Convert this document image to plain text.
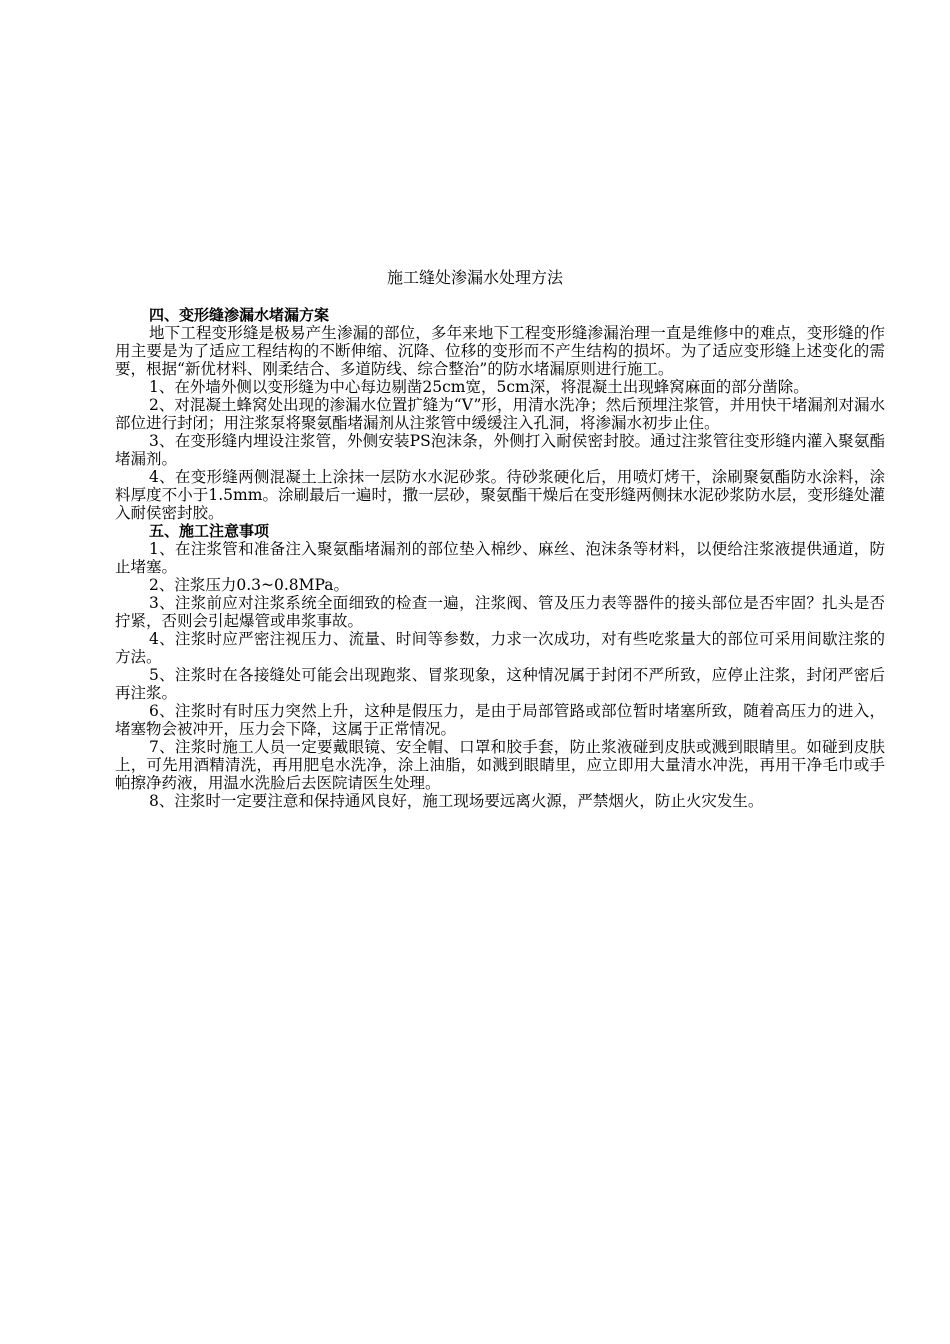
施工缝处渗漏水处理方法

四、变形缝渗漏水堵漏方案

地下工程变形缝是极易产生渗漏的部位，多年来地下工程变形缝渗漏治理一直是维修中的难点，变形缝的作用主要是为了适应工程结构的不断伸缩、沉降、位移的变形而不产生结构的损坏。为了适应变形缝上述变化的需要，根据“新优材料、刚柔结合、多道防线、综合整治”的防水堵漏原则进行施工。

1、在外墙外侧以变形缝为中心每边剔凿25cm宽，5cm深，将混凝土出现蜂窝麻面的部分凿除。

2、对混凝土蜂窝处出现的渗漏水位置扩缝为“V”形，用清水洗净；然后预埋注浆管，并用快干堵漏剂对漏水部位进行封闭；用注浆泵将聚氨酯堵漏剂从注浆管中缓缓注入孔洞，将渗漏水初步止住。

3、在变形缝内埋设注浆管，外侧安装PS泡沫条，外侧打入耐侯密封胶。通过注浆管往变形缝内灌入聚氨酯堵漏剂。

4、在变形缝两侧混凝土上涂抹一层防水水泥砂浆。待砂浆硬化后，用喷灯烤干，涂刷聚氨酯防水涂料，涂料厚度不小于1.5mm。涂刷最后一遍时，撒一层砂，聚氨酯干燥后在变形缝两侧抹水泥砂浆防水层，变形缝处灌入耐侯密封胶。

五、施工注意事项

1、在注浆管和准备注入聚氨酯堵漏剂的部位垫入棉纱、麻丝、泡沫条等材料，以便给注浆液提供通道，防止堵塞。

2、注浆压力0.3~0.8MPa。

3、注浆前应对注浆系统全面细致的检查一遍，注浆阀、管及压力表等器件的接头部位是否牢固？扎头是否拧紧，否则会引起爆管或串浆事故。

4、注浆时应严密注视压力、流量、时间等参数，力求一次成功，对有些吃浆量大的部位可采用间歇注浆的方法。

5、注浆时在各接缝处可能会出现跑浆、冒浆现象，这种情况属于封闭不严所致，应停止注浆，封闭严密后再注浆。

6、注浆时有时压力突然上升，这种是假压力，是由于局部管路或部位暂时堵塞所致，随着高压力的进入，堵塞物会被冲开，压力会下降，这属于正常情况。

7、注浆时施工人员一定要戴眼镜、安全帽、口罩和胶手套，防止浆液碰到皮肤或溅到眼睛里。如碰到皮肤上，可先用酒精清洗，再用肥皂水洗净，涂上油脂，如溅到眼睛里，应立即用大量清水冲洗，再用干净毛巾或手帕擦净药液，用温水洗脸后去医院请医生处理。

8、注浆时一定要注意和保持通风良好，施工现场要远离火源，严禁烟火，防止火灾发生。
